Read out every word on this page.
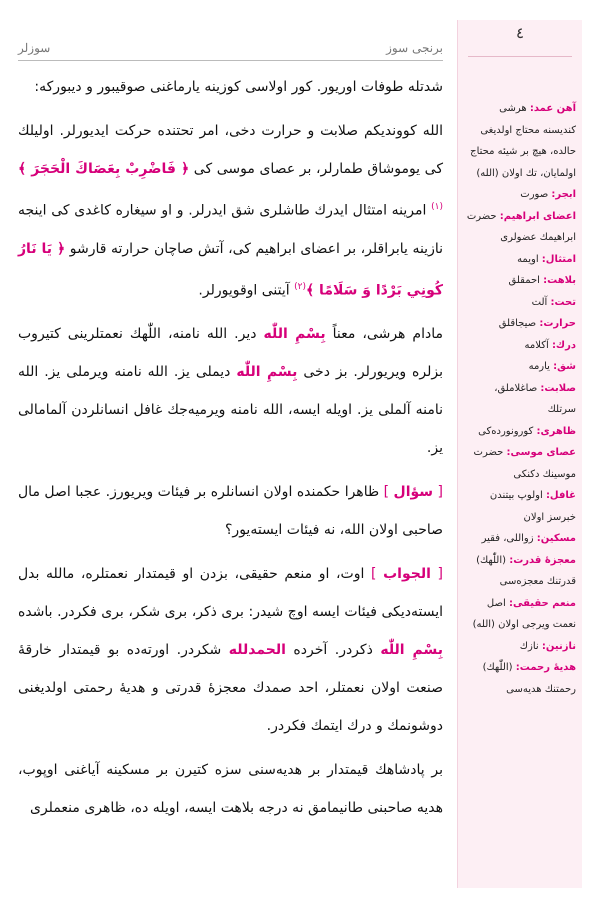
سوزلر	برنجی سوز

شدتله طوفات اوریور. کور اولاسی کوزینه یارماغنی صوقیبور و دیبورکه:

الله کوونديکم صلابت و حرارت دخی، امر تحتنده حرکت ایدیورلر. اولیلك کی یوموشاق طمارلر، بر عصای موسی کی ﴿ فَاضْرِبْ بِعَصَاكَ الْحَجَرَ ﴾$^{(١)}$ امرینه امتثال ایدرك طاشلری شق ایدرلر. و او سیغاره کاغدی کی اینجه نازینه یابراقلر، بر اعضای ابراهیم کی، آتش صاچان حرارته قارشو ﴿ يَا نَارُ كُونِي بَرْدًا وَ سَلَامًا ﴾$^{(٢)}$ آیتنی اوقویورلر.

مادام هرشی، معناً بِسْمِ اللّٰه دیر. الله نامنه، اللّٰهك نعمتلرینی کتیروب بزلره ویریورلر. بز دخی بِسْمِ اللّٰه دیملی یز. الله نامنه ویرملی یز. الله نامنه آلملی یز. اویله ایسه، الله نامنه ویرمیه‌جك غافل انسانلردن آلمامالی یز.

[ سؤال ] ظاهرا حکمنده اولان انسانلره بر فیئات ویریورز. عجبا اصل مال صاحبی اولان الله، نه فیئات ایسته‌یور؟

[ الجواب ] اوت، او منعم حقیقی، بزدن او قیمتدار نعمتلره، مالله بدل ایسته‌دیکی فیئات ایسه اوچ شیدر: بری ذکر، بری شکر، بری فکردر. باشده بِسْمِ اللّٰه ذکردر. آخرده الحمدلله شکردر. اورته‌ده بو قیمتدار خارقهٔ صنعت اولان نعمتلر، احد صمدك معجزهٔ قدرتی و هدیهٔ رحمتی اولدیغنی دوشونمك و درك ایتمك فکردر.

بر پادشاهك قیمتدار بر هدیه‌سنی سزه کتیرن بر مسکینه آیاغنی اوپوب، هدیه صاحبنی طانیمامق نه درجه بلاهت ایسه، اویله ده، ظاهری منعملری

٤
آهن عمد: هرشی کندیسنه محتاج اولدیغی حالده، هیچ بر شیئه محتاج اولمایان، تك اولان (الله)
ابجر: صورت
اعضای ابراهیم: حضرت ابراهیمك عضولری
امتثال: اویمه
بلاهت: احمقلق
تحت: آلت
حرارت: صیجاقلق
درك: آکلامه
شق: یارمه
صلابت: صاغلاملق، سرتلك
ظاهری: کورونوردەکی
عصای موسی: حضرت موسینك دکنکی
غافل: اولوپ بیتندن خبرسز اولان
مسکین: زواللی، فقیر
معجزهٔ قدرت: (اللّٰهك) قدرتنك معجزه‌سی
منعم حقیقی: اصل نعمت ویرجی اولان (الله)
نازنین: نازك
هدیهٔ رحمت: (اللّٰهك) رحمتنك هدیه‌سی
